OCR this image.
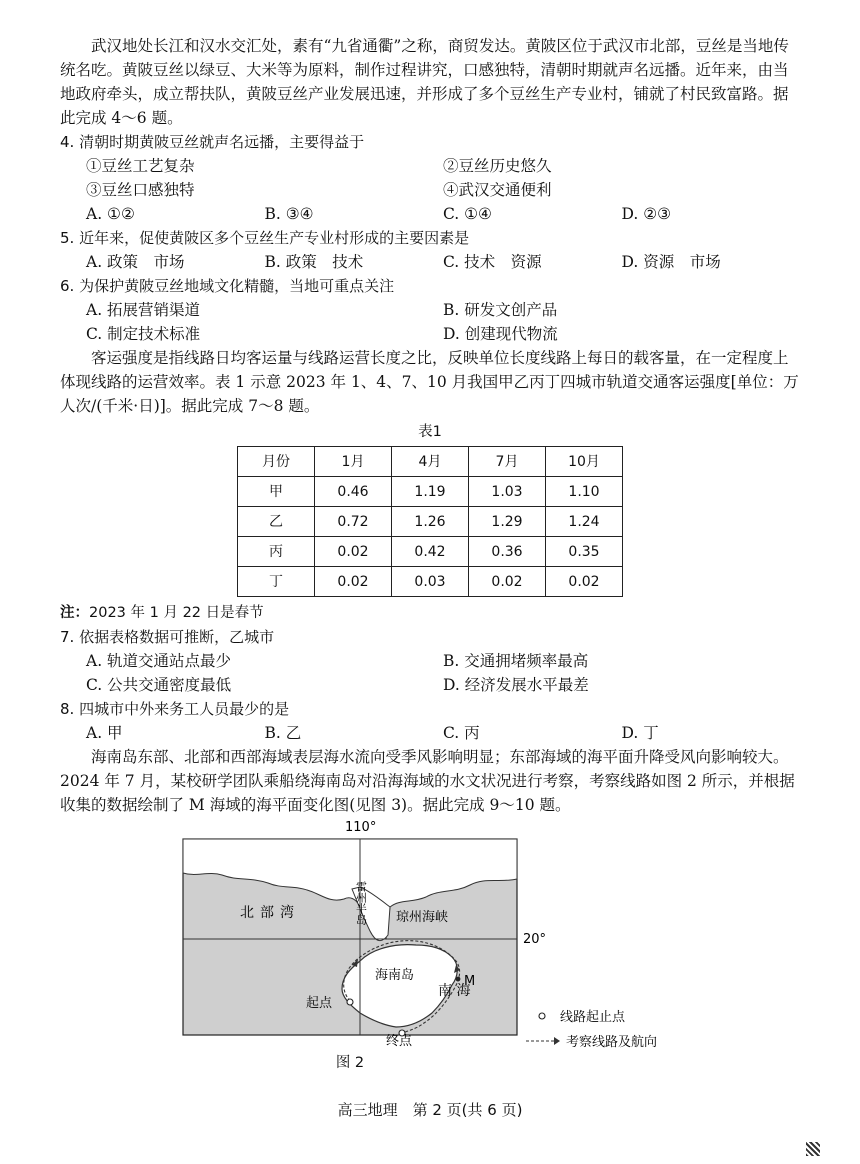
武汉地处长江和汉水交汇处，素有“九省通衢”之称，商贸发达。黄陂区位于武汉市北部，豆丝是当地传统名吃。黄陂豆丝以绿豆、大米等为原料，制作过程讲究，口感独特，清朝时期就声名远播。近年来，由当地政府牵头，成立帮扶队，黄陂豆丝产业发展迅速，并形成了多个豆丝生产专业村，铺就了村民致富路。据此完成 4～6 题。

4. 清朝时期黄陂豆丝就声名远播，主要得益于

①豆丝工艺复杂	②豆丝历史悠久
③豆丝口感独特	④武汉交通便利
A. ①②	B. ③④	C. ①④	D. ②③

5. 近年来，促使黄陂区多个豆丝生产专业村形成的主要因素是

A. 政策　市场	B. 政策　技术	C. 技术　资源	D. 资源　市场

6. 为保护黄陂豆丝地域文化精髓，当地可重点关注

A. 拓展营销渠道	B. 研发文创产品
C. 制定技术标准	D. 创建现代物流

客运强度是指线路日均客运量与线路运营长度之比，反映单位长度线路上每日的载客量，在一定程度上体现线路的运营效率。表 1 示意 2023 年 1、4、7、10 月我国甲乙丙丁四城市轨道交通客运强度[单位：万人次/(千米·日)]。据此完成 7～8 题。

表1
月份	1月	4月	7月	10月
甲	0.46	1.19	1.03	1.10
乙	0.72	1.26	1.29	1.24
丙	0.02	0.42	0.36	0.35
丁	0.02	0.03	0.02	0.02

注：2023 年 1 月 22 日是春节

7. 依据表格数据可推断，乙城市

A. 轨道交通站点最少	B. 交通拥堵频率最高
C. 公共交通密度最低	D. 经济发展水平最差

8. 四城市中外来务工人员最少的是

A. 甲	B. 乙	C. 丙	D. 丁

海南岛东部、北部和西部海域表层海水流向受季风影响明显；东部海域的海平面升降受风向影响较大。2024 年 7 月，某校研学团队乘船绕海南岛对沿海海域的水文状况进行考察，考察线路如图 2 所示，并根据收集的数据绘制了 M 海域的海平面变化图(见图 3)。据此完成 9～10 题。

110°
20°
北部湾	雷州半岛 琼州海峡
海南岛	M
南 海
起点
终点
线路起止点
考察线路及航向
图 2
高三地理　第 2 页(共 6 页)
